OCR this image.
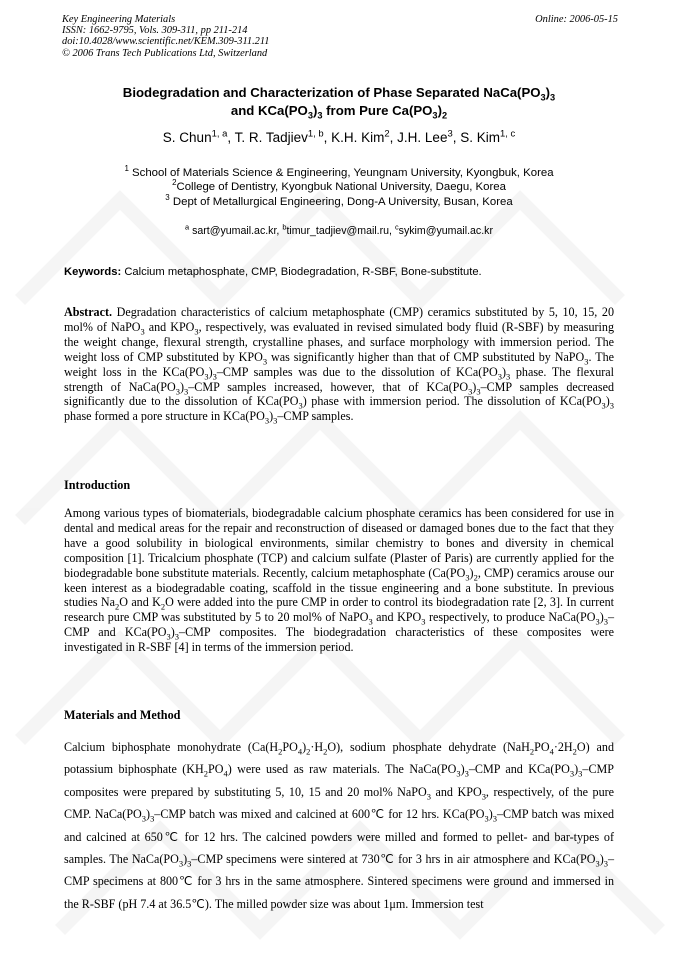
Key Engineering Materials
ISSN: 1662-9795, Vols. 309-311, pp 211-214
doi:10.4028/www.scientific.net/KEM.309-311.211
© 2006 Trans Tech Publications Ltd, Switzerland
Online: 2006-05-15
Biodegradation and Characterization of Phase Separated $NaCa(PO_3)_3$
and $KCa(PO_3)_3$ from Pure $Ca(PO_3)_2$
S. Chun$^{1, a}$, T. R. Tadjiev$^{1, b}$, K.H. Kim$^2$, J.H. Lee$^3$, S. Kim$^{1, c}$
$^1$ School of Materials Science & Engineering, Yeungnam University, Kyongbuk, Korea
$^2$College of Dentistry, Kyongbuk National University, Daegu, Korea
$^3$ Dept of Metallurgical Engineering, Dong-A University, Busan, Korea
$^a$ sart@yumail.ac.kr, $^b$timur_tadjiev@mail.ru, $^c$sykim@yumail.ac.kr
Keywords: Calcium metaphosphate, CMP, Biodegradation, R-SBF, Bone-substitute.
Abstract. Degradation characteristics of calcium metaphosphate (CMP) ceramics substituted by 5, 10, 15, 20 mol% of NaPO$_3$ and $KPO_3$, respectively, was evaluated in revised simulated body fluid (R-SBF) by measuring the weight change, flexural strength, crystalline phases, and surface morphology with immersion period. The weight loss of CMP substituted by $KPO_3$ was significantly higher than that of CMP substituted by NaPO$_3$. The weight loss in the $KCa(PO_3)_3$–CMP samples was due to the dissolution of $KCa(PO_3)_3$ phase. The flexural strength of $NaCa(PO_3)_3$–CMP samples increased, however, that of $KCa(PO_3)_3$–CMP samples decreased significantly due to the dissolution of $KCa(PO_3)$ phase with immersion period. The dissolution of $KCa(PO_3)_3$ phase formed a pore structure in $KCa(PO_3)_3$–CMP samples.
Introduction
Among various types of biomaterials, biodegradable calcium phosphate ceramics has been considered for use in dental and medical areas for the repair and reconstruction of diseased or damaged bones due to the fact that they have a good solubility in biological environments, similar chemistry to bones and diversity in chemical composition [1]. Tricalcium phosphate (TCP) and calcium sulfate (Plaster of Paris) are currently applied for the biodegradable bone substitute materials. Recently, calcium metaphosphate ($Ca(PO_3)_2$, CMP) ceramics arouse our keen interest as a biodegradable coating, scaffold in the tissue engineering and a bone substitute. In previous studies $Na_2O$ and $K_2O$ were added into the pure CMP in order to control its biodegradation rate [2, 3]. In current research pure CMP was substituted by 5 to 20 mol% of NaPO$_3$ and $KPO_3$ respectively, to produce $NaCa(PO_3)_3$–CMP and $KCa(PO_3)_3$–CMP composites. The biodegradation characteristics of these composites were investigated in R-SBF [4] in terms of the immersion period.
Materials and Method
Calcium biphosphate monohydrate $(Ca(H_2PO_4)_2\cdot H_2O)$, sodium phosphate dehydrate $(NaH_2PO_4\cdot 2H_2O)$ and potassium biphosphate $(KH_2PO_4)$ were used as raw materials. The $NaCa(PO_3)_3$–CMP and $KCa(PO_3)_3$–CMP composites were prepared by substituting 5, 10, 15 and 20 mol% NaPO$_3$ and $KPO_3$, respectively, of the pure CMP. $NaCa(PO_3)_3$–CMP batch was mixed and calcined at 600℃ for 12 hrs. $KCa(PO_3)_3$–CMP batch was mixed and calcined at 650℃ for 12 hrs. The calcined powders were milled and formed to pellet- and bar-types of samples. The $NaCa(PO_3)_3$–CMP specimens were sintered at 730℃ for 3 hrs in air atmosphere and $KCa(PO_3)_3$–CMP specimens at 800℃ for 3 hrs in the same atmosphere. Sintered specimens were ground and immersed in the R-SBF (pH 7.4 at 36.5℃). The milled powder size was about 1μm. Immersion test
